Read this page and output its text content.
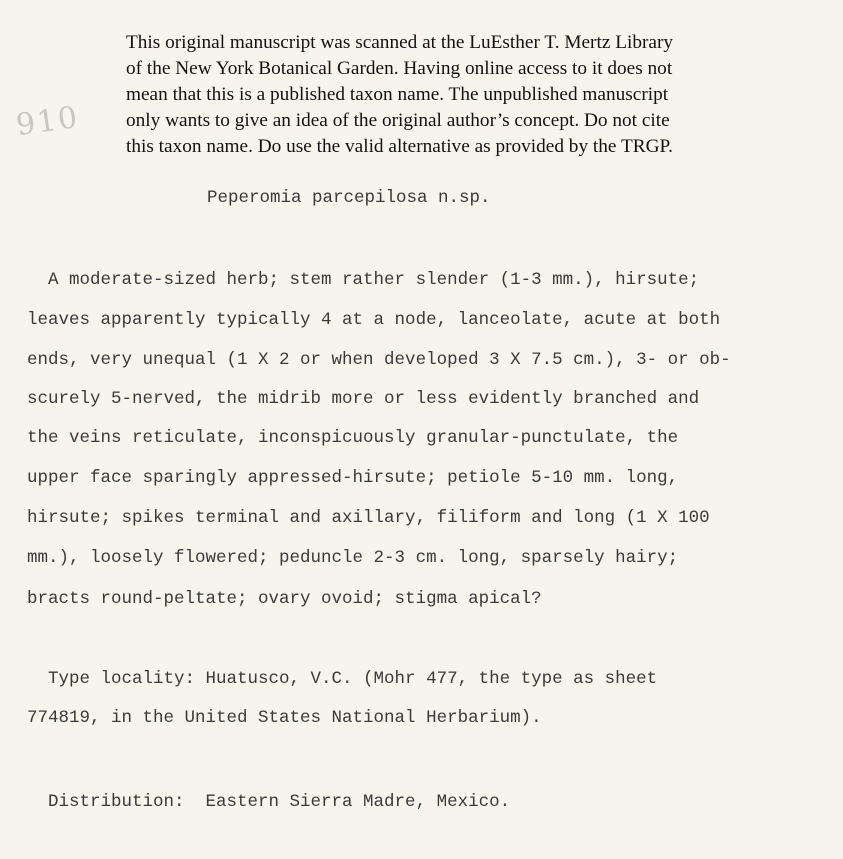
This original manuscript was scanned at the LuEsther T. Mertz Library
of the New York Botanical Garden. Having online access to it does not
mean that this is a published taxon name. The unpublished manuscript
only wants to give an idea of the original author’s concept. Do not cite
this taxon name. Do use the valid alternative as provided by the TRGP.
910
Peperomia parcepilosa n.sp.
A moderate-sized herb; stem rather slender (1-3 mm.), hirsute;
leaves apparently typically 4 at a node, lanceolate, acute at both
ends, very unequal (1 X 2 or when developed 3 X 7.5 cm.), 3- or ob-
scurely 5-nerved, the midrib more or less evidently branched and
the veins reticulate, inconspicuously granular-punctulate, the
upper face sparingly appressed-hirsute; petiole 5-10 mm. long,
hirsute; spikes terminal and axillary, filiform and long (1 X 100
mm.), loosely flowered; peduncle 2-3 cm. long, sparsely hairy;
bracts round-peltate; ovary ovoid; stigma apical?
Type locality: Huatusco, V.C. (Mohr 477, the type as sheet
774819, in the United States National Herbarium).
Distribution:  Eastern Sierra Madre, Mexico.
